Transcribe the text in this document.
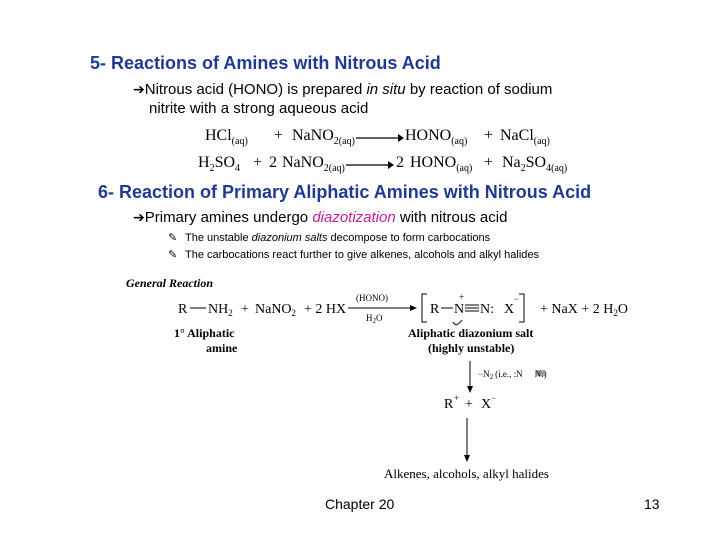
5- Reactions of Amines with Nitrous Acid
➔Nitrous acid (HONO) is prepared in situ by reaction of sodium
nitrite with a strong aqueous acid
HCl$_{(aq)}$ + NaNO$_{2(aq)}$	$HONO_{(aq)}$ + NaCl$_{(aq)}$
$H_2SO_4 + 2$ NaNO$_{2(aq)}$	2 $HONO_{(aq)} + Na_2SO_{4(aq)}$
6- Reaction of Primary Aliphatic Amines with Nitrous Acid
➔Primary amines undergo diazotization with nitrous acid
✎ The unstable diazonium salts decompose to form carbocations
✎ The carbocations react further to give alkenes, alcohols and alkyl halides
General Reaction
R $NH_2$ + NaNO$_2$ + 2 HX
(HONO)
$H_2O$
R N
+
N: X
−
+ NaX + 2 $H_2O$
1° Aliphatic
amine
Aliphatic diazonium salt
(highly unstable)
$-N_2$ (i.e., :N N:)
R + + X −
Alkenes, alcohols, alkyl halides
Chapter 20	13
